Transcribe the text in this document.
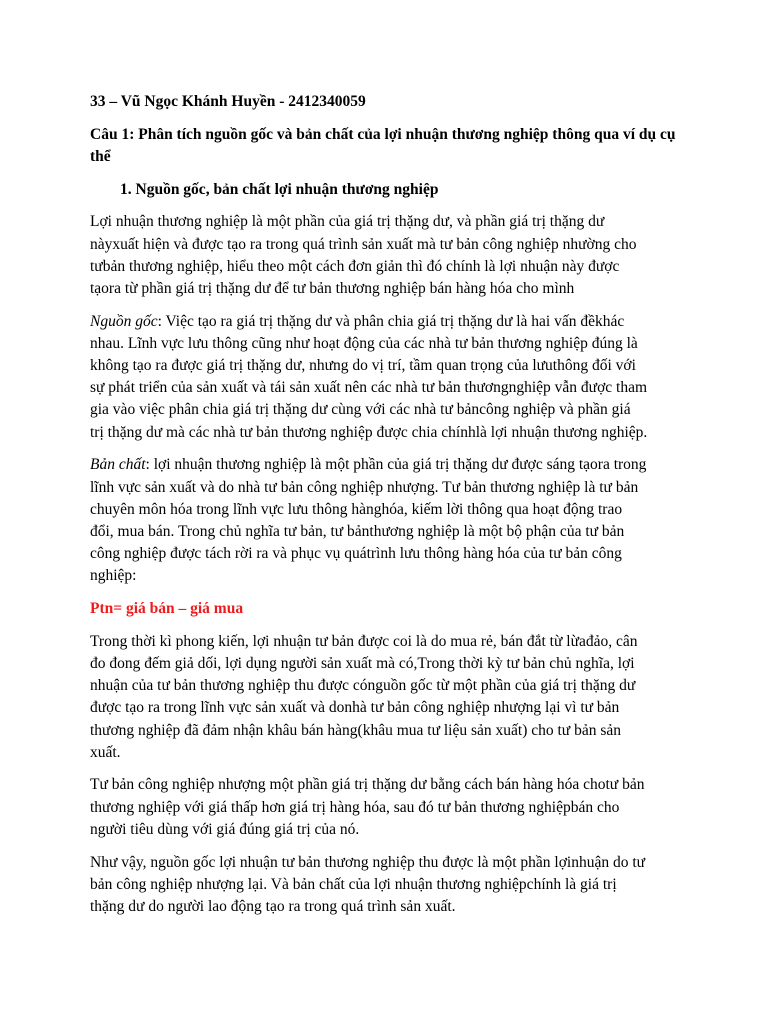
33 – Vũ Ngọc Khánh Huyền - 2412340059

Câu 1: Phân tích nguồn gốc và bản chất của lợi nhuận thương nghiệp thông qua ví dụ cụ thể

1. Nguồn gốc, bản chất lợi nhuận thương nghiệp

Lợi nhuận thương nghiệp là một phần của giá trị thặng dư, và phần giá trị thặng dư

nàyxuất hiện và được tạo ra trong quá trình sản xuất mà tư bản công nghiệp nhường cho

tưbản thương nghiệp, hiểu theo một cách đơn giản thì đó chính là lợi nhuận này được

tạora từ phần giá trị thặng dư để tư bản thương nghiệp bán hàng hóa cho mình

Nguồn gốc: Việc tạo ra giá trị thặng dư và phân chia giá trị thặng dư là hai vấn đềkhác

nhau. Lĩnh vực lưu thông cũng như hoạt động của các nhà tư bản thương nghiệp đúng là

không tạo ra được giá trị thặng dư, nhưng do vị trí, tầm quan trọng của lưuthông đối với

sự phát triển của sản xuất và tái sản xuất nên các nhà tư bản thươngnghiệp vẫn được tham

gia vào việc phân chia giá trị thặng dư cùng với các nhà tư bảncông nghiệp và phần giá

trị thặng dư mà các nhà tư bản thương nghiệp được chia chínhlà lợi nhuận thương nghiệp.

Bản chất: lợi nhuận thương nghiệp là một phần của giá trị thặng dư được sáng tạora trong

lĩnh vực sản xuất và do nhà tư bản công nghiệp nhượng. Tư bản thương nghiệp là tư bản

chuyên môn hóa trong lĩnh vực lưu thông hànghóa, kiếm lời thông qua hoạt động trao

đổi, mua bán. Trong chủ nghĩa tư bản, tư bảnthương nghiệp là một bộ phận của tư bản

công nghiệp được tách rời ra và phục vụ quátrình lưu thông hàng hóa của tư bản công

nghiệp:

Ptn= giá bán – giá mua

Trong thời kì phong kiến, lợi nhuận tư bản được coi là do mua rẻ, bán đắt từ lừađảo, cân

đo đong đếm giả dối, lợi dụng người sản xuất mà có,Trong thời kỳ tư bản chủ nghĩa, lợi

nhuận của tư bản thương nghiệp thu được cónguồn gốc từ một phần của giá trị thặng dư

được tạo ra trong lĩnh vực sản xuất và donhà tư bản công nghiệp nhượng lại vì tư bản

thương nghiệp đã đảm nhận khâu bán hàng(khâu mua tư liệu sản xuất) cho tư bản sản

xuất.

Tư bản công nghiệp nhượng một phần giá trị thặng dư bằng cách bán hàng hóa chotư bản

thương nghiệp với giá thấp hơn giá trị hàng hóa, sau đó tư bản thương nghiệpbán cho

người tiêu dùng với giá đúng giá trị của nó.

Như vậy, nguồn gốc lợi nhuận tư bản thương nghiệp thu được là một phần lợinhuận do tư

bản công nghiệp nhượng lại. Và bản chất của lợi nhuận thương nghiệpchính là giá trị

thặng dư do người lao động tạo ra trong quá trình sản xuất.
